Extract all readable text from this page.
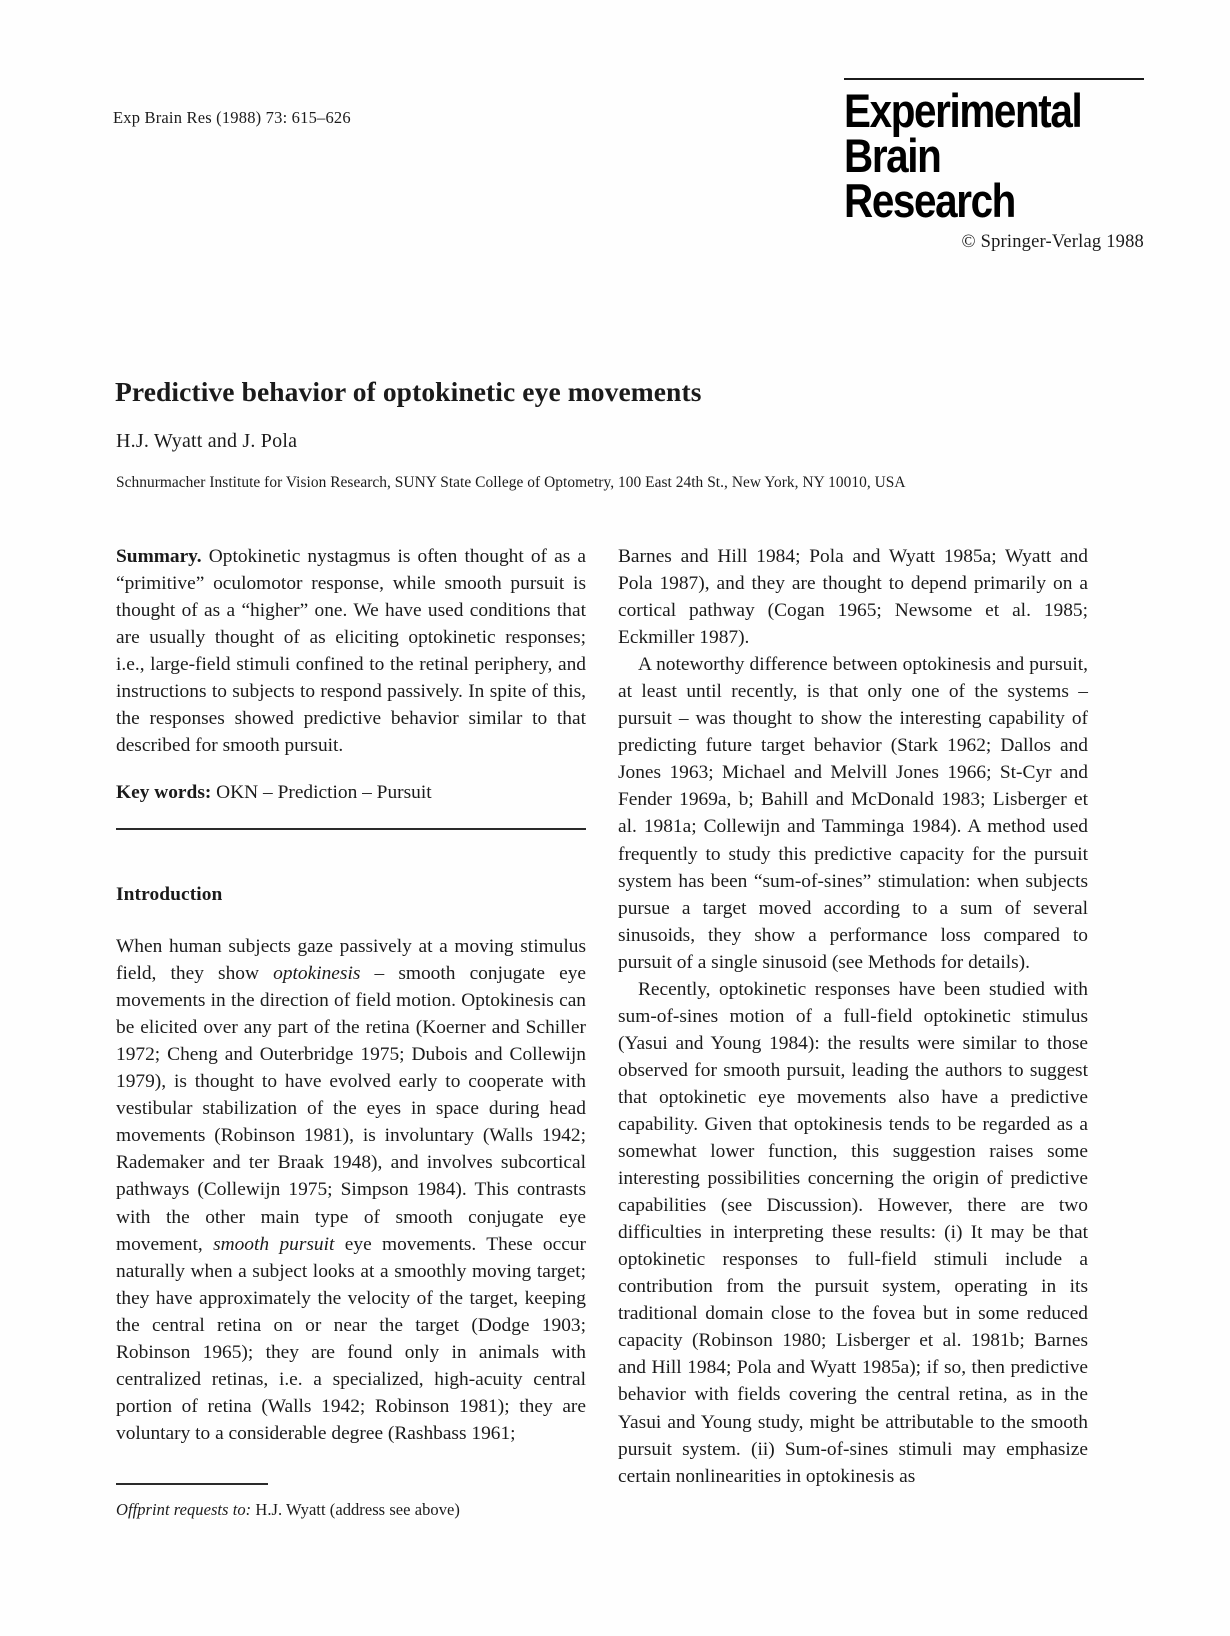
Exp Brain Res (1988) 73: 615–626	Experimental
Brain Research
© Springer-Verlag 1988
Predictive behavior of optokinetic eye movements
H.J. Wyatt and J. Pola
Schnurmacher Institute for Vision Research, SUNY State College of Optometry, 100 East 24th St., New York, NY 10010, USA

Summary. Optokinetic nystagmus is often thought of as a “primitive” oculomotor response, while smooth pursuit is thought of as a “higher” one. We have used conditions that are usually thought of as eliciting optokinetic responses; i.e., large-field stimuli confined to the retinal periphery, and instructions to subjects to respond passively. In spite of this, the responses showed predictive behavior similar to that described for smooth pursuit.

Key words: OKN – Prediction – Pursuit

Introduction

When human subjects gaze passively at a moving stimulus field, they show optokinesis – smooth conjugate eye movements in the direction of field motion. Optokinesis can be elicited over any part of the retina (Koerner and Schiller 1972; Cheng and Outerbridge 1975; Dubois and Collewijn 1979), is thought to have evolved early to cooperate with vestibular stabilization of the eyes in space during head movements (Robinson 1981), is involuntary (Walls 1942; Rademaker and ter Braak 1948), and involves subcortical pathways (Collewijn 1975; Simpson 1984). This contrasts with the other main type of smooth conjugate eye movement, smooth pursuit eye movements. These occur naturally when a subject looks at a smoothly moving target; they have approximately the velocity of the target, keeping the central retina on or near the target (Dodge 1903; Robinson 1965); they are found only in animals with centralized retinas, i.e. a specialized, high-acuity central portion of retina (Walls 1942; Robinson 1981); they are voluntary to a considerable degree (Rashbass 1961;

Offprint requests to: H.J. Wyatt (address see above)

Barnes and Hill 1984; Pola and Wyatt 1985a; Wyatt and Pola 1987), and they are thought to depend primarily on a cortical pathway (Cogan 1965; Newsome et al. 1985; Eckmiller 1987).

A noteworthy difference between optokinesis and pursuit, at least until recently, is that only one of the systems – pursuit – was thought to show the interesting capability of predicting future target behavior (Stark 1962; Dallos and Jones 1963; Michael and Melvill Jones 1966; St-Cyr and Fender 1969a, b; Bahill and McDonald 1983; Lisberger et al. 1981a; Collewijn and Tamminga 1984). A method used frequently to study this predictive capacity for the pursuit system has been “sum-of-sines” stimulation: when subjects pursue a target moved according to a sum of several sinusoids, they show a performance loss compared to pursuit of a single sinusoid (see Methods for details).

Recently, optokinetic responses have been studied with sum-of-sines motion of a full-field optokinetic stimulus (Yasui and Young 1984): the results were similar to those observed for smooth pursuit, leading the authors to suggest that optokinetic eye movements also have a predictive capability. Given that optokinesis tends to be regarded as a somewhat lower function, this suggestion raises some interesting possibilities concerning the origin of predictive capabilities (see Discussion). However, there are two difficulties in interpreting these results: (i) It may be that optokinetic responses to full-field stimuli include a contribution from the pursuit system, operating in its traditional domain close to the fovea but in some reduced capacity (Robinson 1980; Lisberger et al. 1981b; Barnes and Hill 1984; Pola and Wyatt 1985a); if so, then predictive behavior with fields covering the central retina, as in the Yasui and Young study, might be attributable to the smooth pursuit system. (ii) Sum-of-sines stimuli may emphasize certain nonlinearities in optokinesis as
